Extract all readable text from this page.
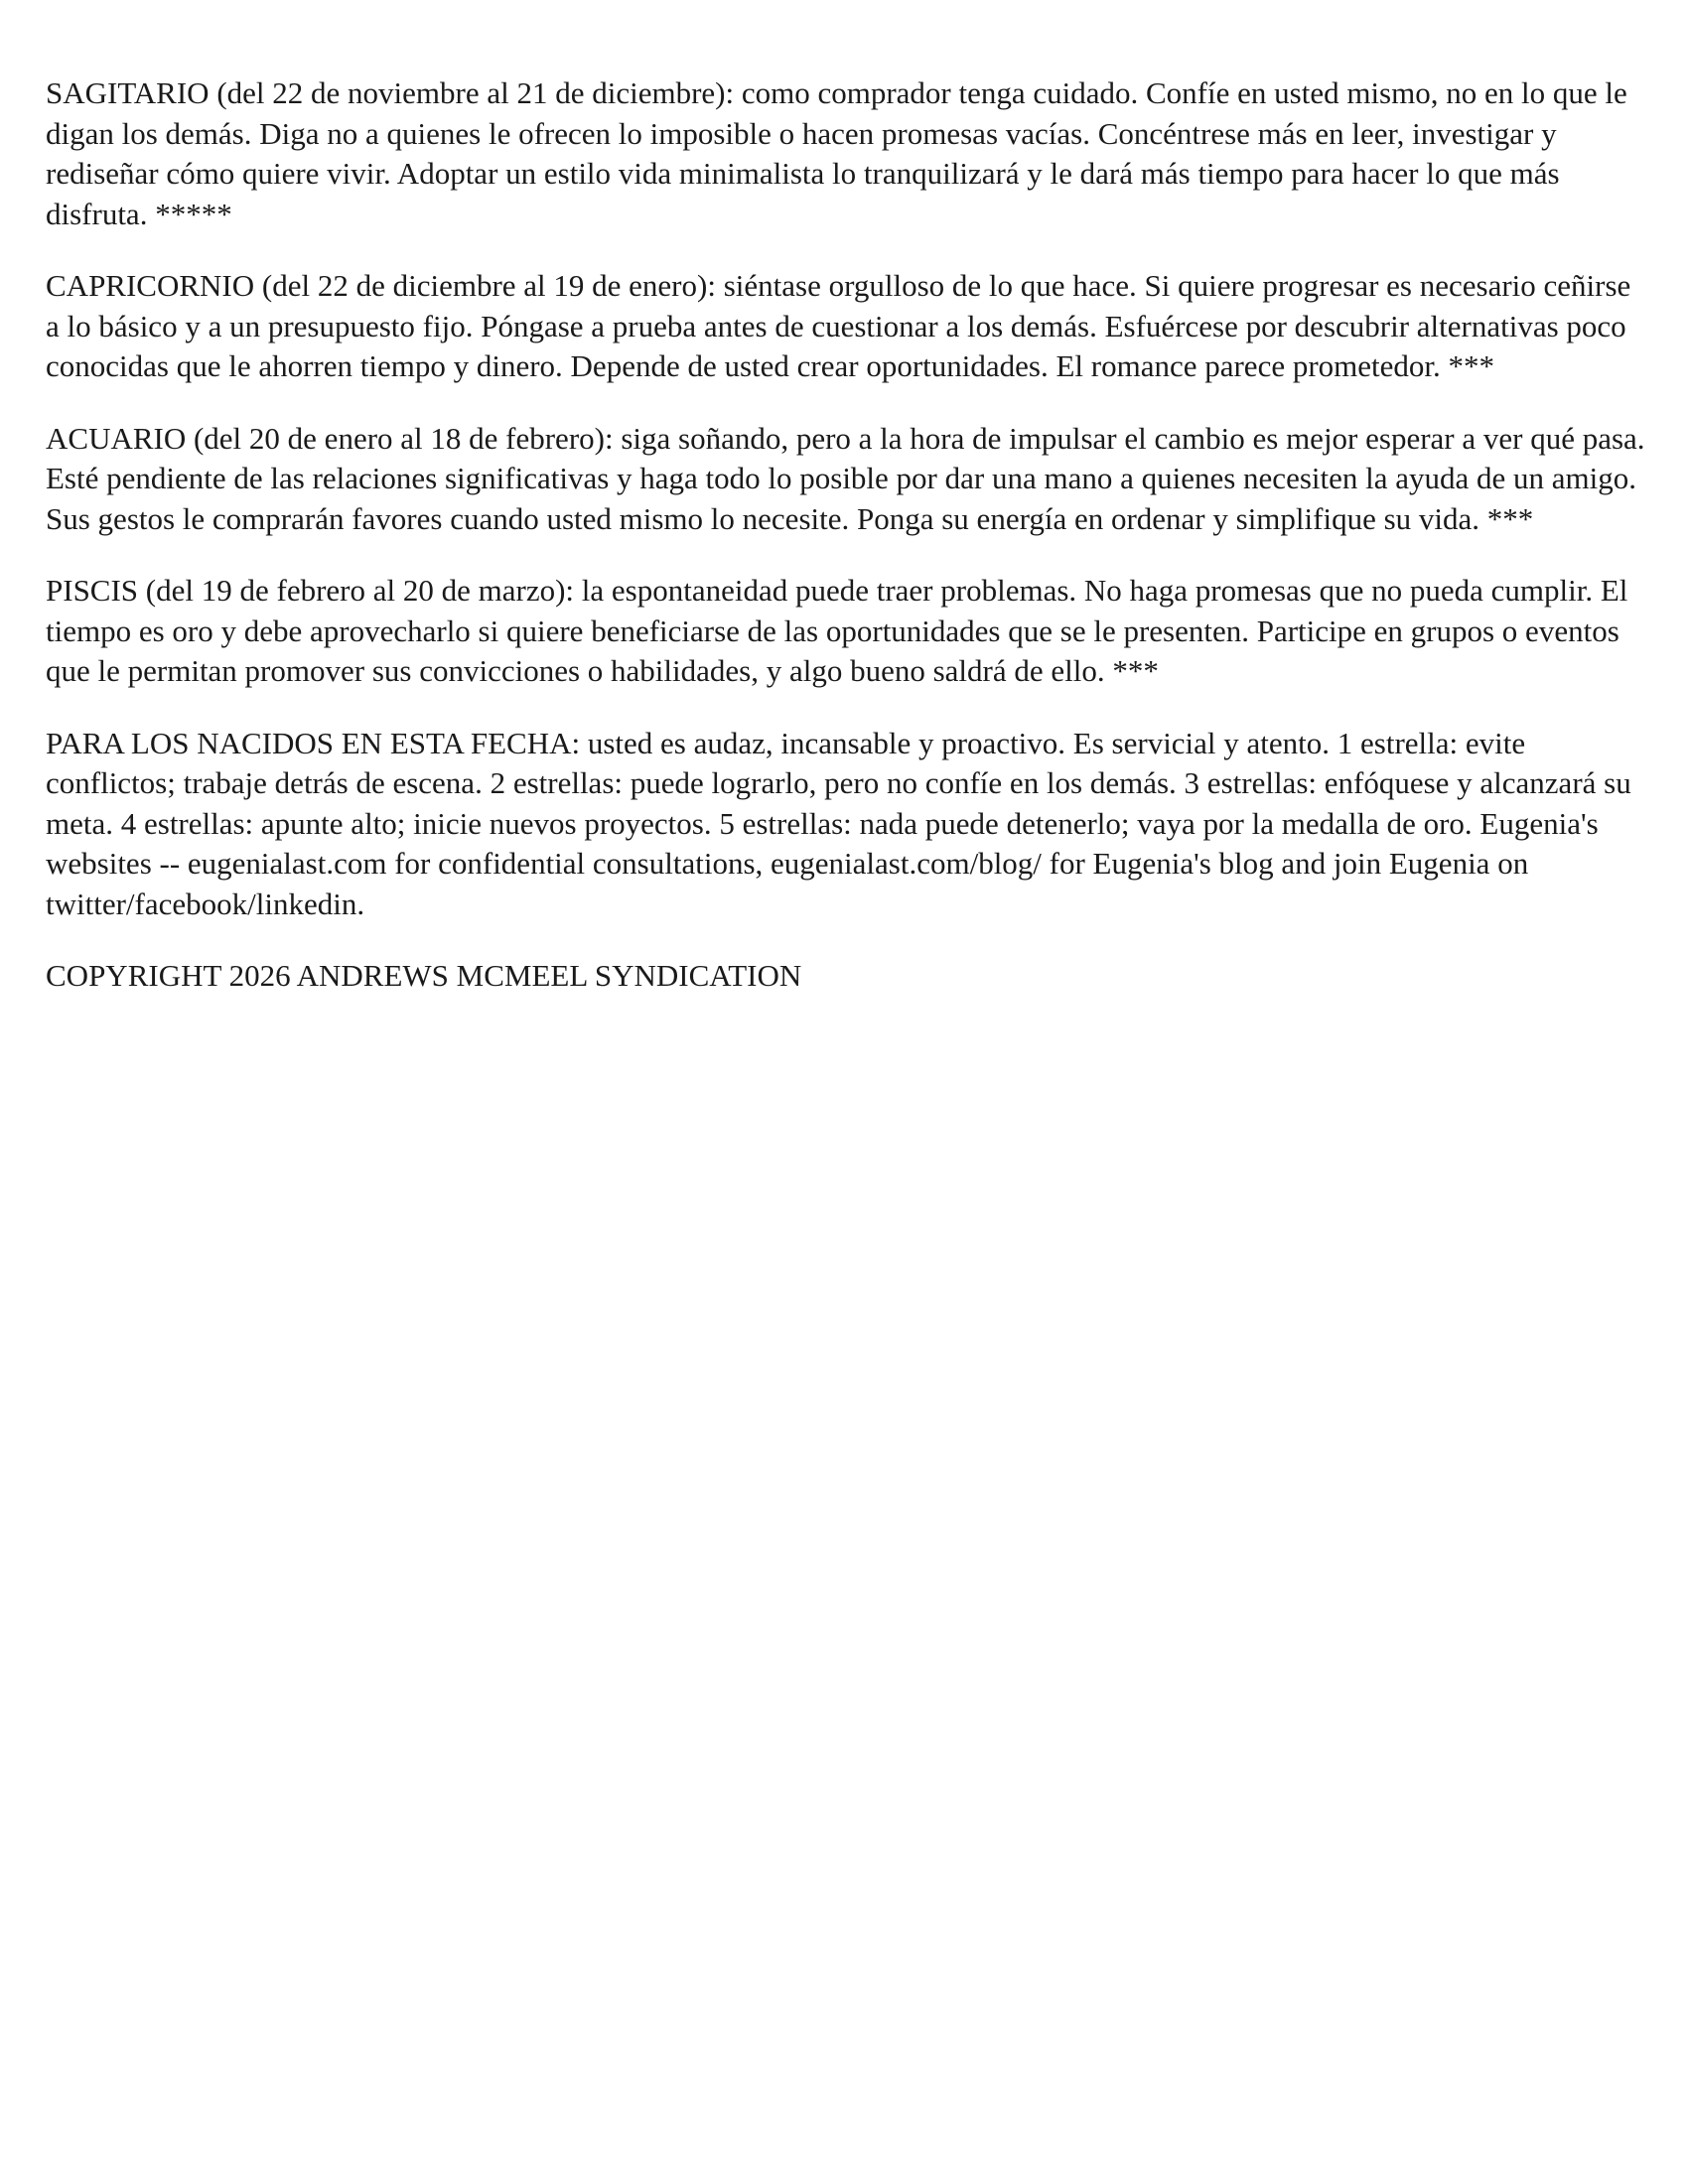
SAGITARIO (del 22 de noviembre al 21 de diciembre): como comprador tenga cuidado. Confíe en usted mismo, no en lo que le digan los demás. Diga no a quienes le ofrecen lo imposible o hacen promesas vacías. Concéntrese más en leer, investigar y rediseñar cómo quiere vivir. Adoptar un estilo vida minimalista lo tranquilizará y le dará más tiempo para hacer lo que más disfruta. *****

CAPRICORNIO (del 22 de diciembre al 19 de enero): siéntase orgulloso de lo que hace. Si quiere progresar es necesario ceñirse a lo básico y a un presupuesto fijo. Póngase a prueba antes de cuestionar a los demás. Esfuércese por descubrir alternativas poco conocidas que le ahorren tiempo y dinero. Depende de usted crear oportunidades. El romance parece prometedor. ***

ACUARIO (del 20 de enero al 18 de febrero): siga soñando, pero a la hora de impulsar el cambio es mejor esperar a ver qué pasa. Esté pendiente de las relaciones significativas y haga todo lo posible por dar una mano a quienes necesiten la ayuda de un amigo. Sus gestos le comprarán favores cuando usted mismo lo necesite. Ponga su energía en ordenar y simplifique su vida. ***

PISCIS (del 19 de febrero al 20 de marzo): la espontaneidad puede traer problemas. No haga promesas que no pueda cumplir. El tiempo es oro y debe aprovecharlo si quiere beneficiarse de las oportunidades que se le presenten. Participe en grupos o eventos que le permitan promover sus convicciones o habilidades, y algo bueno saldrá de ello. ***

PARA LOS NACIDOS EN ESTA FECHA: usted es audaz, incansable y proactivo. Es servicial y atento. 1 estrella: evite conflictos; trabaje detrás de escena. 2 estrellas: puede lograrlo, pero no confíe en los demás. 3 estrellas: enfóquese y alcanzará su meta. 4 estrellas: apunte alto; inicie nuevos proyectos. 5 estrellas: nada puede detenerlo; vaya por la medalla de oro. Eugenia's websites -- eugenialast.com for confidential consultations, eugenialast.com/blog/ for Eugenia's blog and join Eugenia on twitter/facebook/linkedin.

COPYRIGHT 2026 ANDREWS MCMEEL SYNDICATION
